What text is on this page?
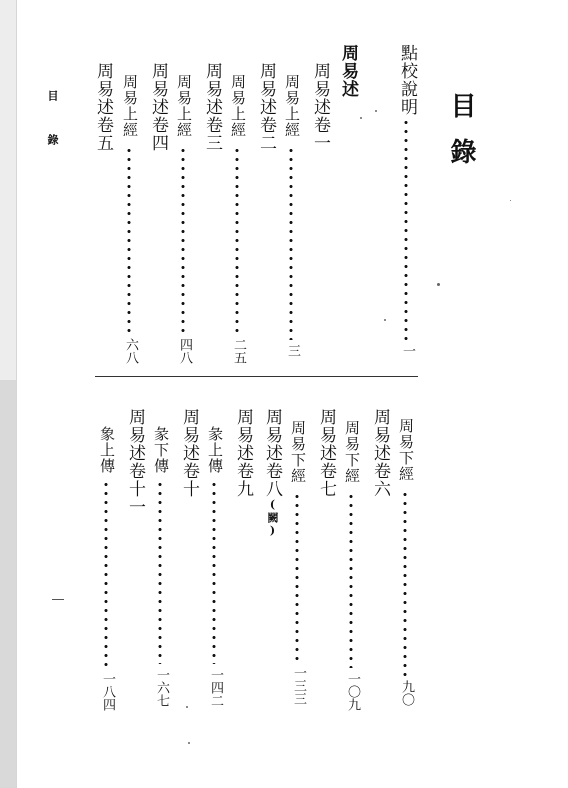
目錄
目 錄
點校說明
一
周易述
周易述卷一
周易上經
三
周易述卷二
周易上經
二五
周易述卷三
周易上經
四八
周易述卷四
周易上經
六八
周易述卷五
周易下經
九〇
周易述卷六
周易下經
一〇九
周易述卷七
周易下經
一三三
周易述卷八(闕)
周易述卷九
彖上傳
一四二
周易述卷十
彖下傳
一六七
周易述卷十一
象上傳
一八四
